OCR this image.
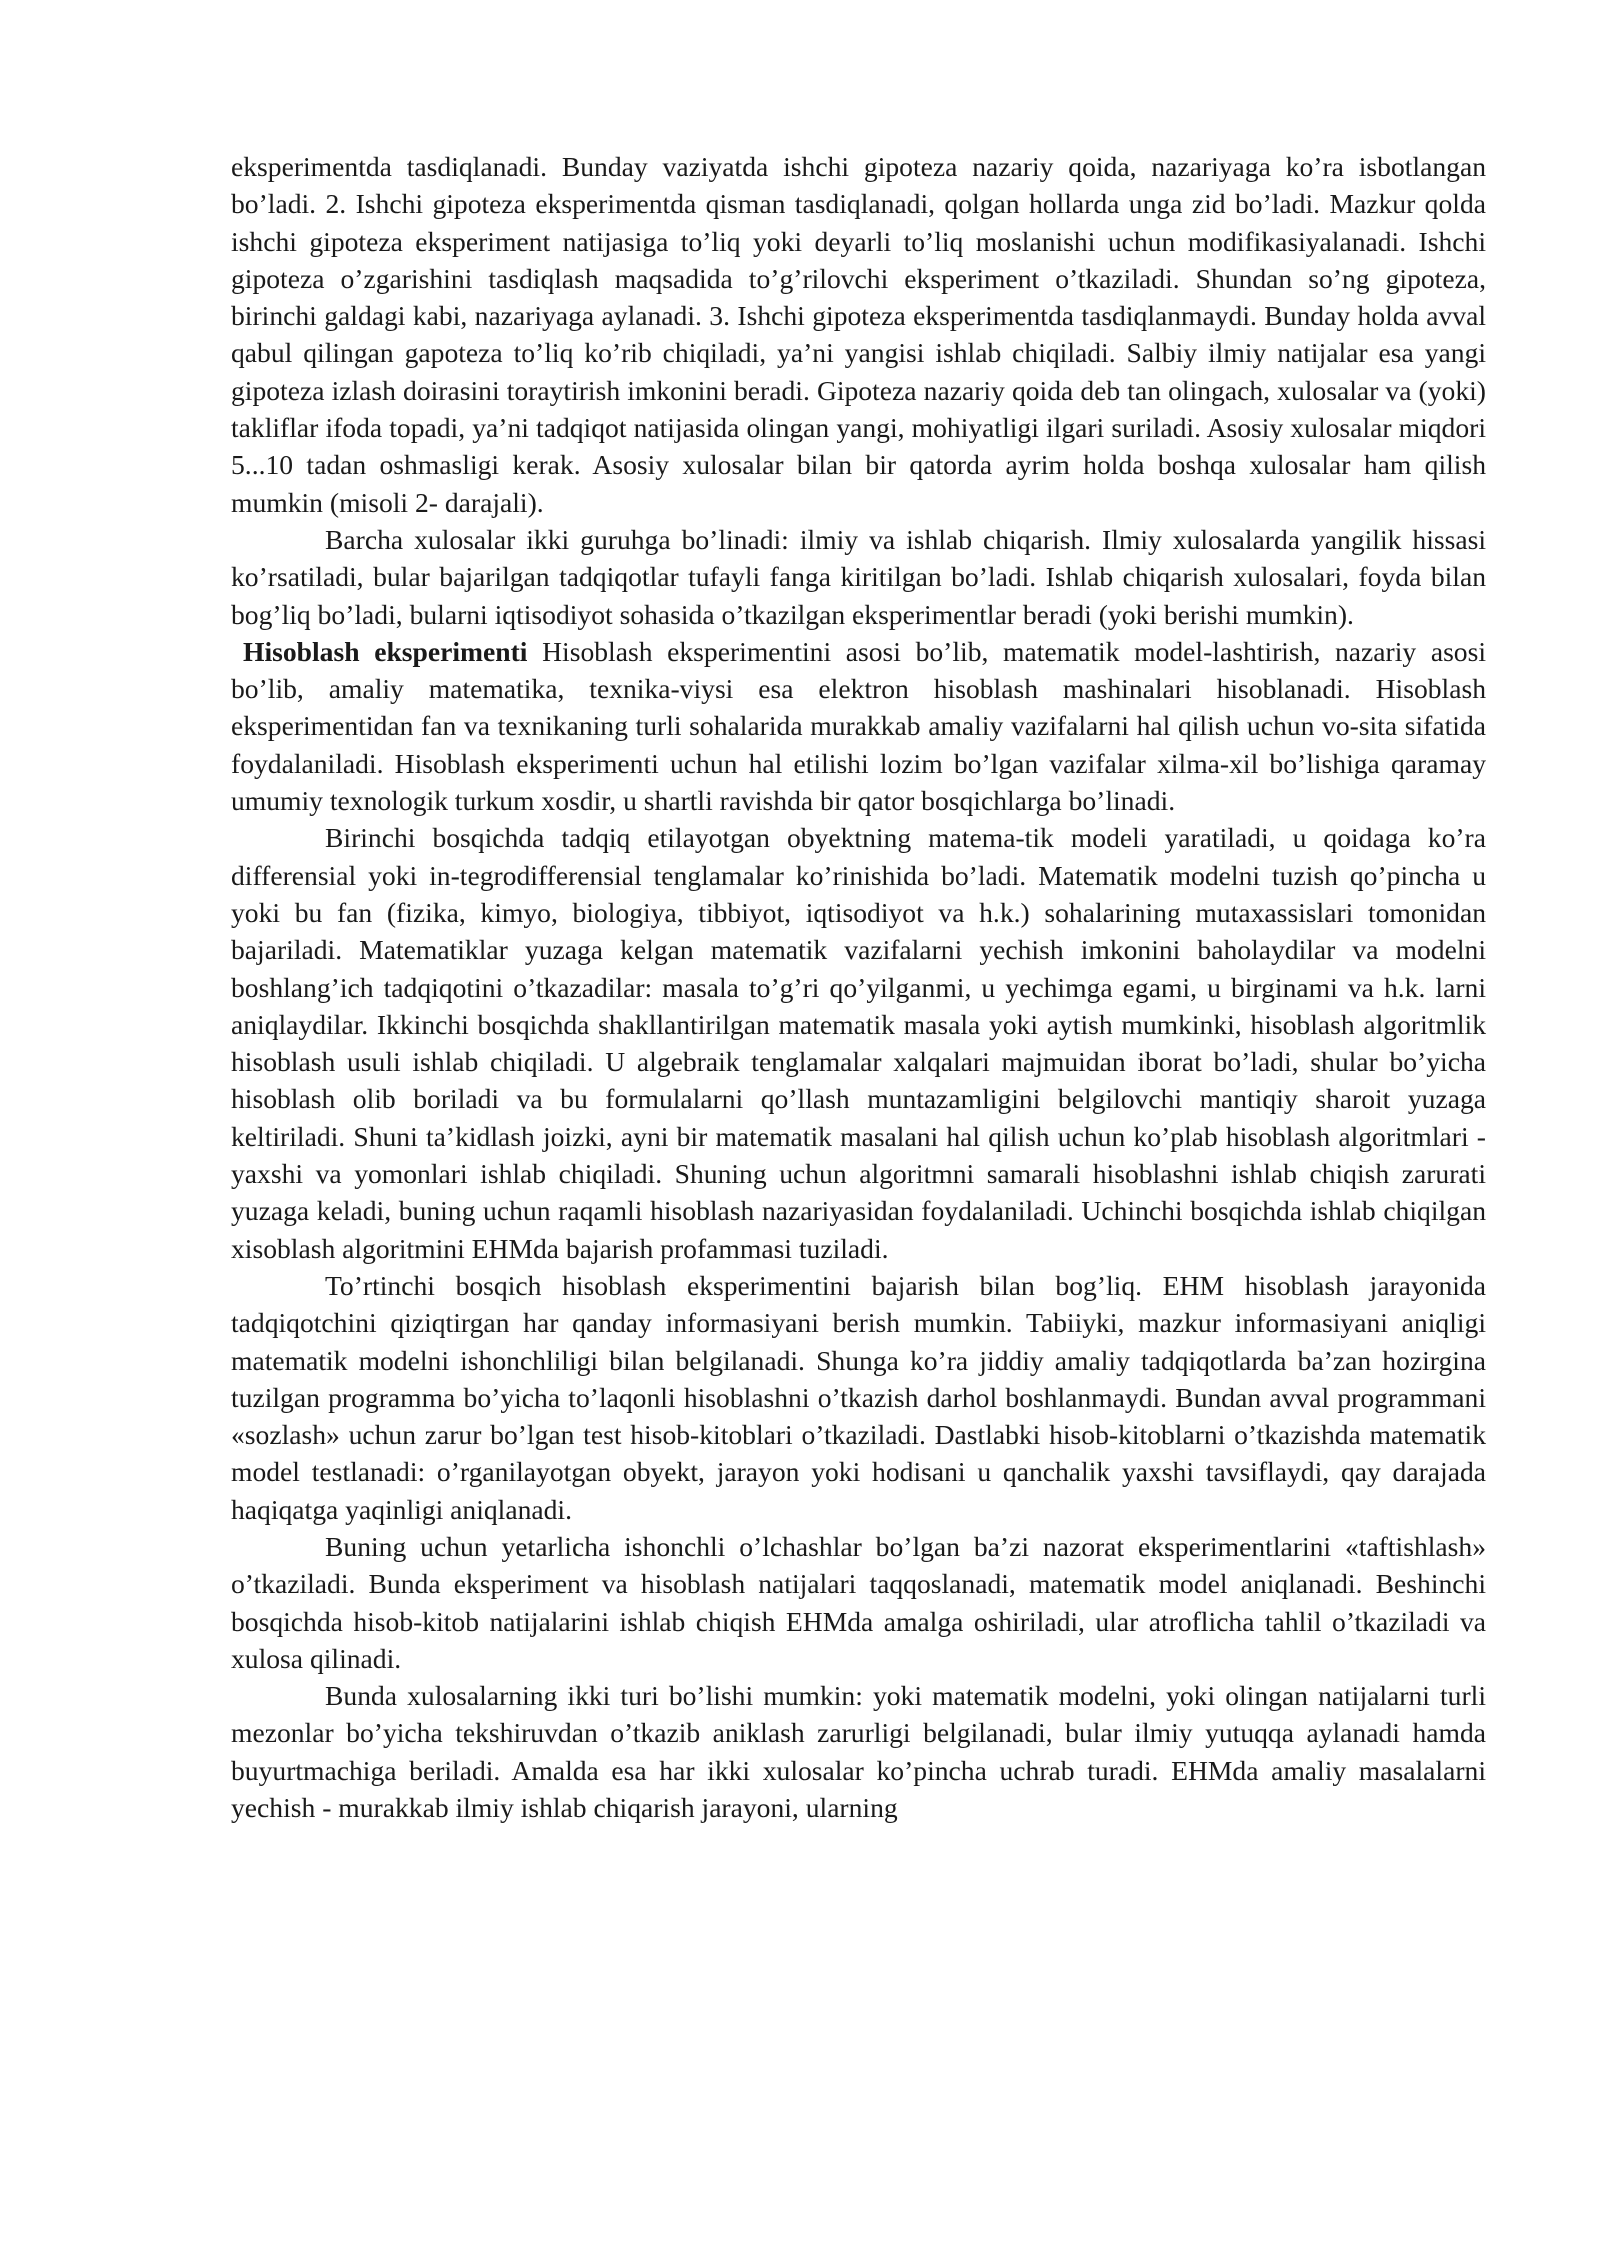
eksperimentda tasdiqlanadi. Bunday vaziyatda ishchi gipoteza nazariy qoida, nazariyaga ko’ra isbotlangan bo’ladi. 2. Ishchi gipoteza eksperimentda qisman tasdiqlanadi, qolgan hollarda unga zid bo’ladi. Mazkur qolda ishchi gipoteza eksperiment natijasiga to’liq yoki deyarli to’liq moslanishi uchun modifikasiyalanadi. Ishchi gipoteza o’zgarishini tasdiqlash maqsadida to’g’rilovchi eksperiment o’tkaziladi. Shundan so’ng gipoteza, birinchi galdagi kabi, nazariyaga aylanadi. 3. Ishchi gipoteza eksperimentda tasdiqlanmaydi. Bunday holda avval qabul qilingan gapoteza to’liq ko’rib chiqiladi, ya’ni yangisi ishlab chiqiladi. Salbiy ilmiy natijalar esa yangi gipoteza izlash doirasini toraytirish imkonini beradi. Gipoteza nazariy qoida deb tan olingach, xulosalar va (yoki) takliflar ifoda topadi, ya’ni tadqiqot natijasida olingan yangi, mohiyatligi ilgari suriladi. Asosiy xulosalar miqdori 5...10 tadan oshmasligi kerak. Asosiy xulosalar bilan bir qatorda ayrim holda boshqa xulosalar ham qilish mumkin (misoli 2- darajali).

Barcha xulosalar ikki guruhga bo’linadi: ilmiy va ishlab chiqarish. Ilmiy xulosalarda yangilik hissasi ko’rsatiladi, bular bajarilgan tadqiqotlar tufayli fanga kiritilgan bo’ladi. Ishlab chiqarish xulosalari, foyda bilan bog’liq bo’ladi, bularni iqtisodiyot sohasida o’tkazilgan eksperimentlar beradi (yoki berishi mumkin).

Hisoblash eksperimenti Hisoblash eksperimentini asosi bo’lib, matematik model-lashtirish, nazariy asosi bo’lib, amaliy matematika, texnika-viysi esa elektron hisoblash mashinalari hisoblanadi. Hisoblash eksperimentidan fan va texnikaning turli sohalarida murakkab amaliy vazifalarni hal qilish uchun vo-sita sifatida foydalaniladi. Hisoblash eksperimenti uchun hal etilishi lozim bo’lgan vazifalar xilma-xil bo’lishiga qaramay umumiy texnologik turkum xosdir, u shartli ravishda bir qator bosqichlarga bo’linadi.

Birinchi bosqichda tadqiq etilayotgan obyektning matema-tik modeli yaratiladi, u qoidaga ko’ra differensial yoki in-tegrodifferensial tenglamalar ko’rinishida bo’ladi. Matematik modelni tuzish qo’pincha u yoki bu fan (fizika, kimyo, biologiya, tibbiyot, iqtisodiyot va h.k.) sohalarining mutaxassislari tomonidan bajariladi. Matematiklar yuzaga kelgan matematik vazifalarni yechish imkonini baholaydilar va modelni boshlang’ich tadqiqotini o’tkazadilar: masala to’g’ri qo’yilganmi, u yechimga egami, u birginami va h.k. larni aniqlaydilar. Ikkinchi bosqichda shakllantirilgan matematik masala yoki aytish mumkinki, hisoblash algoritmlik hisoblash usuli ishlab chiqiladi. U algebraik tenglamalar xalqalari majmuidan iborat bo’ladi, shular bo’yicha hisoblash olib boriladi va bu formulalarni qo’llash muntazamligini belgilovchi mantiqiy sharoit yuzaga keltiriladi. Shuni ta’kidlash joizki, ayni bir matematik masalani hal qilish uchun ko’plab hisoblash algoritmlari - yaxshi va yomonlari ishlab chiqiladi. Shuning uchun algoritmni samarali hisoblashni ishlab chiqish zarurati yuzaga keladi, buning uchun raqamli hisoblash nazariyasidan foydalaniladi. Uchinchi bosqichda ishlab chiqilgan xisoblash algoritmini EHMda bajarish profammasi tuziladi.

To’rtinchi bosqich hisoblash eksperimentini bajarish bilan bog’liq. EHM hisoblash jarayonida tadqiqotchini qiziqtirgan har qanday informasiyani berish mumkin. Tabiiyki, mazkur informasiyani aniqligi matematik modelni ishonchliligi bilan belgilanadi. Shunga ko’ra jiddiy amaliy tadqiqotlarda ba’zan hozirgina tuzilgan programma bo’yicha to’laqonli hisoblashni o’tkazish darhol boshlanmaydi. Bundan avval programmani «sozlash» uchun zarur bo’lgan test hisob-kitoblari o’tkaziladi. Dastlabki hisob-kitoblarni o’tkazishda matematik model testlanadi: o’rganilayotgan obyekt, jarayon yoki hodisani u qanchalik yaxshi tavsiflaydi, qay darajada haqiqatga yaqinligi aniqlanadi.

Buning uchun yetarlicha ishonchli o’lchashlar bo’lgan ba’zi nazorat eksperimentlarini «taftishlash» o’tkaziladi. Bunda eksperiment va hisoblash natijalari taqqoslanadi, matematik model aniqlanadi. Beshinchi bosqichda hisob-kitob natijalarini ishlab chiqish EHMda amalga oshiriladi, ular atroflicha tahlil o’tkaziladi va xulosa qilinadi.

Bunda xulosalarning ikki turi bo’lishi mumkin: yoki matematik modelni, yoki olingan natijalarni turli mezonlar bo’yicha tekshiruvdan o’tkazib aniklash zarurligi belgilanadi, bular ilmiy yutuqqa aylanadi hamda buyurtmachiga beriladi. Amalda esa har ikki xulosalar ko’pincha uchrab turadi. EHMda amaliy masalalarni yechish - murakkab ilmiy ishlab chiqarish jarayoni, ularning
